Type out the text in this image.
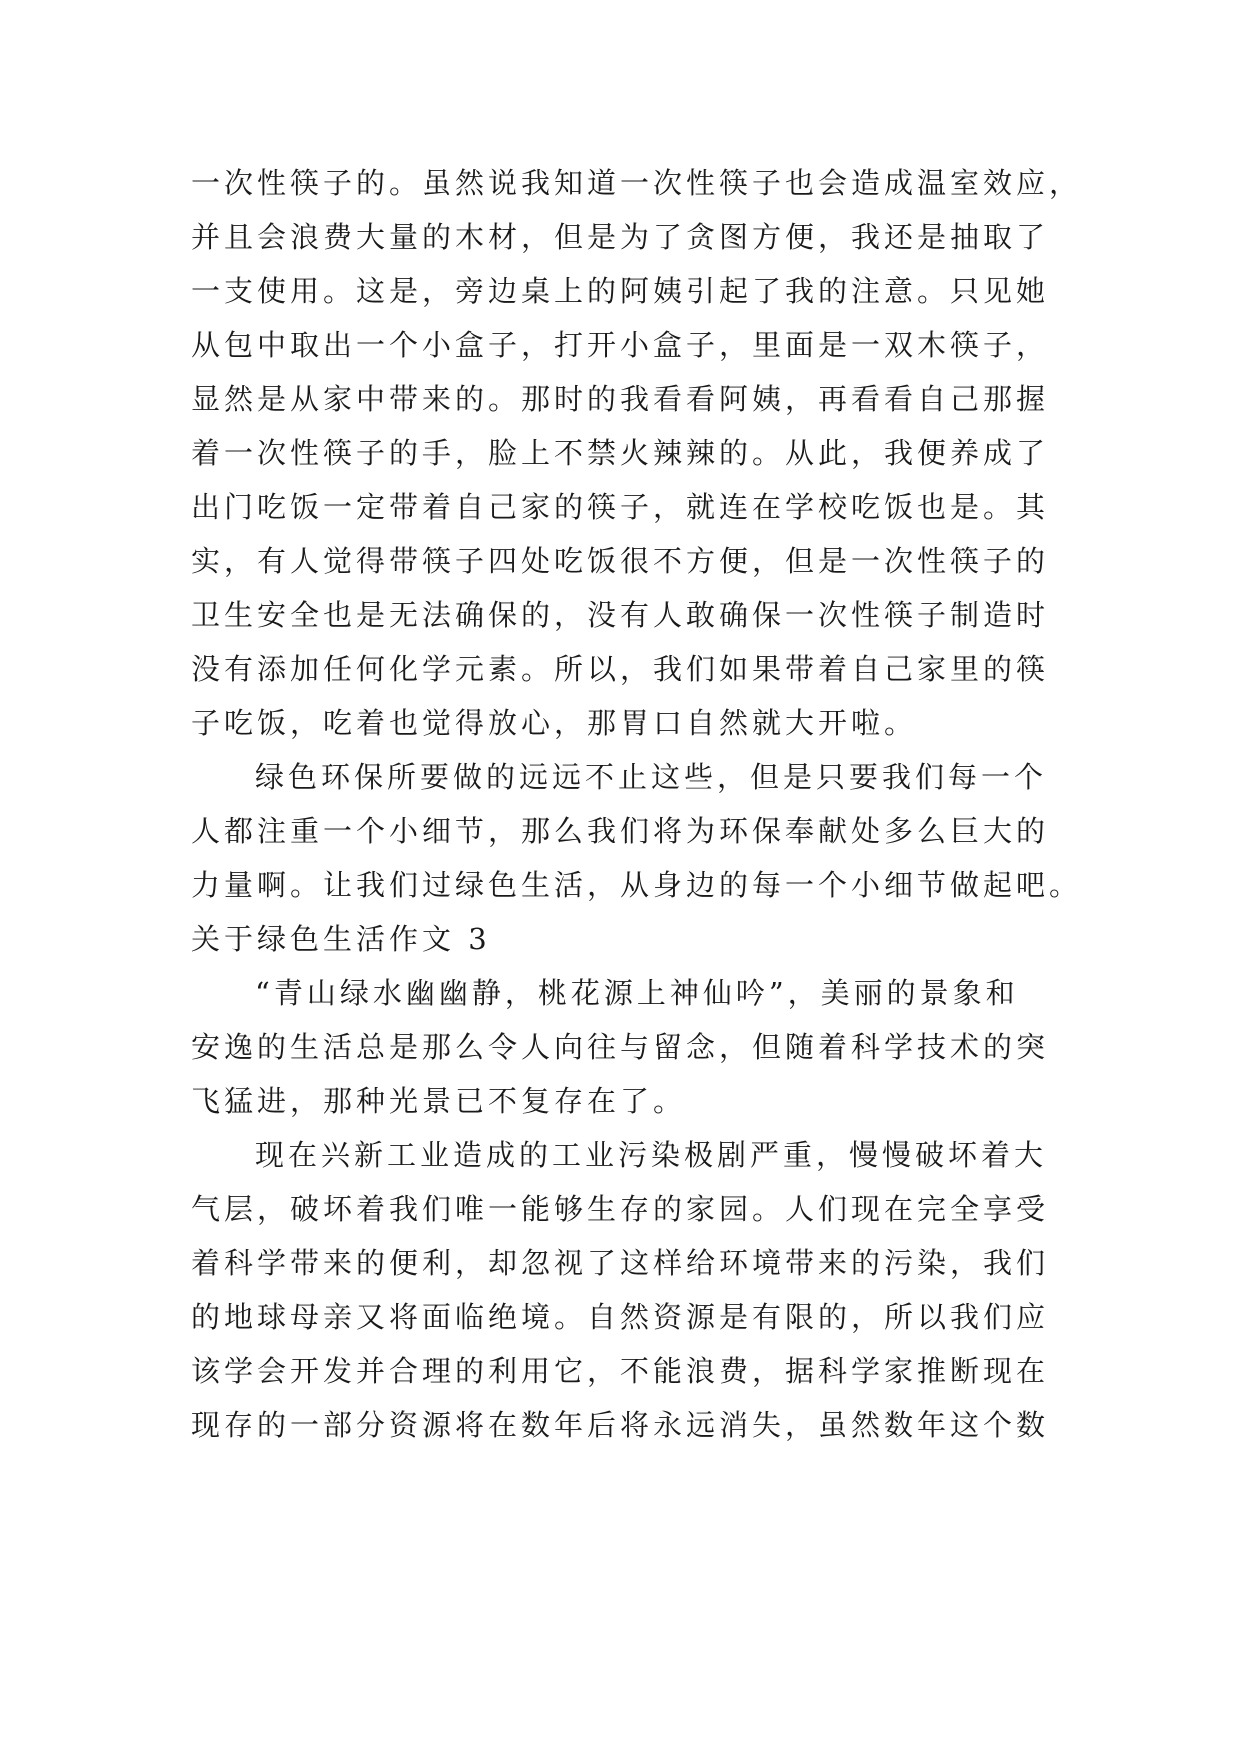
一次性筷子的。虽然说我知道一次性筷子也会造成温室效应，
并且会浪费大量的木材，但是为了贪图方便，我还是抽取了
一支使用。这是，旁边桌上的阿姨引起了我的注意。只见她
从包中取出一个小盒子，打开小盒子，里面是一双木筷子，
显然是从家中带来的。那时的我看看阿姨，再看看自己那握
着一次性筷子的手，脸上不禁火辣辣的。从此，我便养成了
出门吃饭一定带着自己家的筷子，就连在学校吃饭也是。其
实，有人觉得带筷子四处吃饭很不方便，但是一次性筷子的
卫生安全也是无法确保的，没有人敢确保一次性筷子制造时
没有添加任何化学元素。所以，我们如果带着自己家里的筷
子吃饭，吃着也觉得放心，那胃口自然就大开啦。
绿色环保所要做的远远不止这些，但是只要我们每一个
人都注重一个小细节，那么我们将为环保奉献处多么巨大的
力量啊。让我们过绿色生活，从身边的每一个小细节做起吧。
关于绿色生活作文 3
“青山绿水幽幽静，桃花源上神仙吟”，美丽的景象和
安逸的生活总是那么令人向往与留念，但随着科学技术的突
飞猛进，那种光景已不复存在了。
现在兴新工业造成的工业污染极剧严重，慢慢破坏着大
气层，破坏着我们唯一能够生存的家园。人们现在完全享受
着科学带来的便利，却忽视了这样给环境带来的污染，我们
的地球母亲又将面临绝境。自然资源是有限的，所以我们应
该学会开发并合理的利用它，不能浪费，据科学家推断现在
现存的一部分资源将在数年后将永远消失，虽然数年这个数
